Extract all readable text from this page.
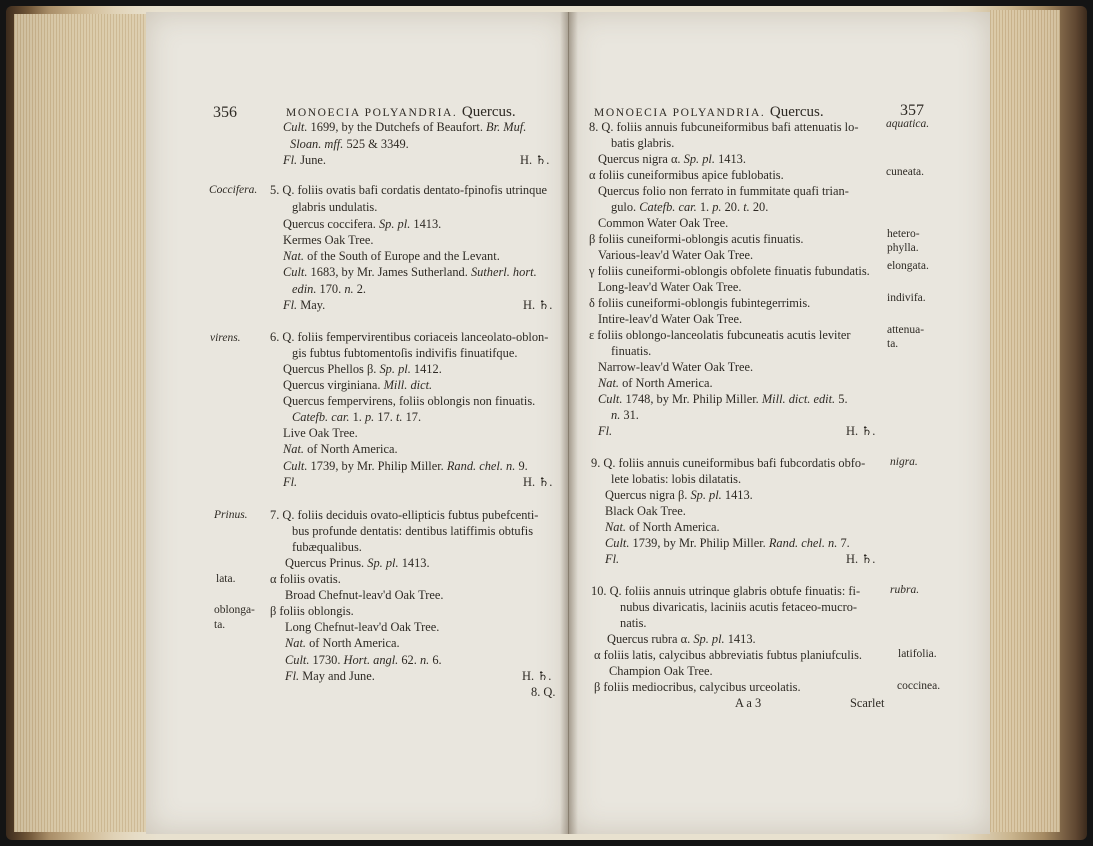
356	MONOECIA POLYANDRIA. Quercus.
Cult. 1699, by the Dutchefs of Beaufort. Br. Muf.
Sloan. mff. 525 & 3349.
Fl. June.	H. ♄.
5. Q. foliis ovatis bafi cordatis dentato-fpinofis utrinque
glabris undulatis.
Quercus coccifera. Sp. pl. 1413.
Kermes Oak Tree.
Nat. of the South of Europe and the Levant.
Cult. 1683, by Mr. James Sutherland. Sutherl. hort.
edin. 170. n. 2.
Fl. May.	H. ♄.
6. Q. foliis fempervirentibus coriaceis lanceolato-oblon-
gis fubtus fubtomentoſis indivifis finuatifque.
Quercus Phellos β. Sp. pl. 1412.
Quercus virginiana. Mill. dict.
Quercus fempervirens, foliis oblongis non finuatis.
Catefb. car. 1. p. 17. t. 17.
Live Oak Tree.
Nat. of North America.
Cult. 1739, by Mr. Philip Miller. Rand. chel. n. 9.
Fl.	H. ♄.
7. Q. foliis deciduis ovato-ellipticis fubtus pubefcenti-
bus profunde dentatis: dentibus latiffimis obtufis
fubæqualibus.
Quercus Prinus. Sp. pl. 1413.
α foliis ovatis.
Broad Chefnut-leav'd Oak Tree.
β foliis oblongis.
Long Chefnut-leav'd Oak Tree.
Nat. of North America.
Cult. 1730. Hort. angl. 62. n. 6.
Fl. May and June.	H. ♄.
8. Q.
Coccifera.
virens.
Prinus.
lata.
oblonga-
ta.
MONOECIA POLYANDRIA. Quercus.	357
8. Q. foliis annuis fubcuneiformibus bafi attenuatis lo-
batis glabris.
Quercus nigra α. Sp. pl. 1413.
α foliis cuneiformibus apice fublobatis.
Quercus folio non ferrato in fummitate quafi trian-
gulo. Catefb. car. 1. p. 20. t. 20.
Common Water Oak Tree.
β foliis cuneiformi-oblongis acutis finuatis.
Various-leav'd Water Oak Tree.
γ foliis cuneiformi-oblongis obfolete finuatis fubundatis.
Long-leav'd Water Oak Tree.
δ foliis cuneiformi-oblongis fubintegerrimis.
Intire-leav'd Water Oak Tree.
ε foliis oblongo-lanceolatis fubcuneatis acutis leviter
finuatis.
Narrow-leav'd Water Oak Tree.
Nat. of North America.
Cult. 1748, by Mr. Philip Miller. Mill. dict. edit. 5.
n. 31.
Fl.	H. ♄.
9. Q. foliis annuis cuneiformibus bafi fubcordatis obfo-
lete lobatis: lobis dilatatis.
Quercus nigra β. Sp. pl. 1413.
Black Oak Tree.
Nat. of North America.
Cult. 1739, by Mr. Philip Miller. Rand. chel. n. 7.
Fl.	H. ♄.
10. Q. foliis annuis utrinque glabris obtufe finuatis: fi-
nubus divaricatis, laciniis acutis fetaceo-mucro-
natis.
Quercus rubra α. Sp. pl. 1413.
α foliis latis, calycibus abbreviatis fubtus planiufculis.
Champion Oak Tree.
β foliis mediocribus, calycibus urceolatis.
A a 3	Scarlet
aquatica.
cuneata.
hetero-
phylla.
elongata.
indivifa.
attenua-
ta.
nigra.
rubra.
latifolia.
coccinea.
